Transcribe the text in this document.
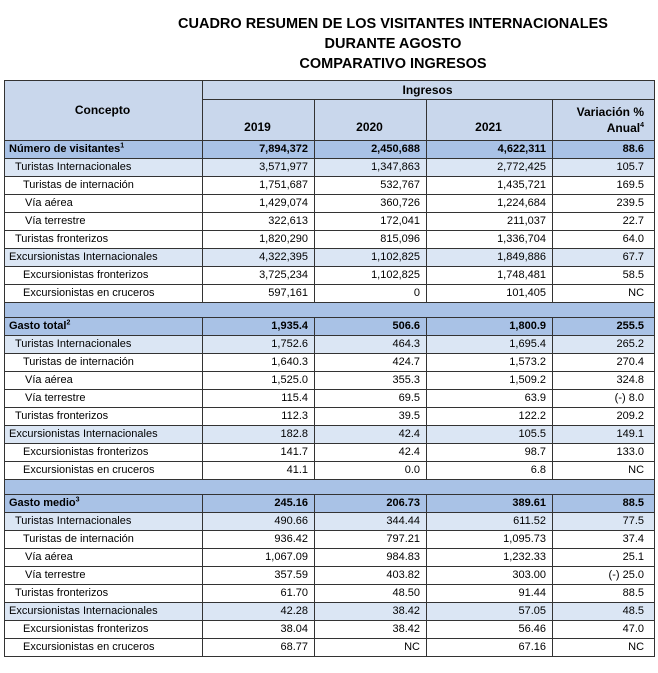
CUADRO RESUMEN DE LOS VISITANTES INTERNACIONALES
DURANTE AGOSTO
COMPARATIVO INGRESOS
Concepto	Ingresos			
	2019	2020	2021	Variación %
Anual$^4$

Número de visitantes$^1$	7,894,372	2,450,688	4,622,311	88.6
Turistas Internacionales	3,571,977	1,347,863	2,772,425	105.7
Turistas de internación	1,751,687	532,767	1,435,721	169.5
Vía aérea	1,429,074	360,726	1,224,684	239.5
Vía terrestre	322,613	172,041	211,037	22.7
Turistas fronterizos	1,820,290	815,096	1,336,704	64.0
Excursionistas Internacionales	4,322,395	1,102,825	1,849,886	67.7
Excursionistas fronterizos	3,725,234	1,102,825	1,748,481	58.5
Excursionistas en cruceros	597,161	0	101,405	NC

Gasto total$^2$	1,935.4	506.6	1,800.9	255.5
Turistas Internacionales	1,752.6	464.3	1,695.4	265.2
Turistas de internación	1,640.3	424.7	1,573.2	270.4
Vía aérea	1,525.0	355.3	1,509.2	324.8
Vía terrestre	115.4	69.5	63.9	(-) 8.0
Turistas fronterizos	112.3	39.5	122.2	209.2
Excursionistas Internacionales	182.8	42.4	105.5	149.1
Excursionistas fronterizos	141.7	42.4	98.7	133.0
Excursionistas en cruceros	41.1	0.0	6.8	NC

Gasto medio$^3$	245.16	206.73	389.61	88.5
Turistas Internacionales	490.66	344.44	611.52	77.5
Turistas de internación	936.42	797.21	1,095.73	37.4
Vía aérea	1,067.09	984.83	1,232.33	25.1
Vía terrestre	357.59	403.82	303.00	(-) 25.0
Turistas fronterizos	61.70	48.50	91.44	88.5
Excursionistas Internacionales	42.28	38.42	57.05	48.5
Excursionistas fronterizos	38.04	38.42	56.46	47.0
Excursionistas en cruceros	68.77	NC	67.16	NC
